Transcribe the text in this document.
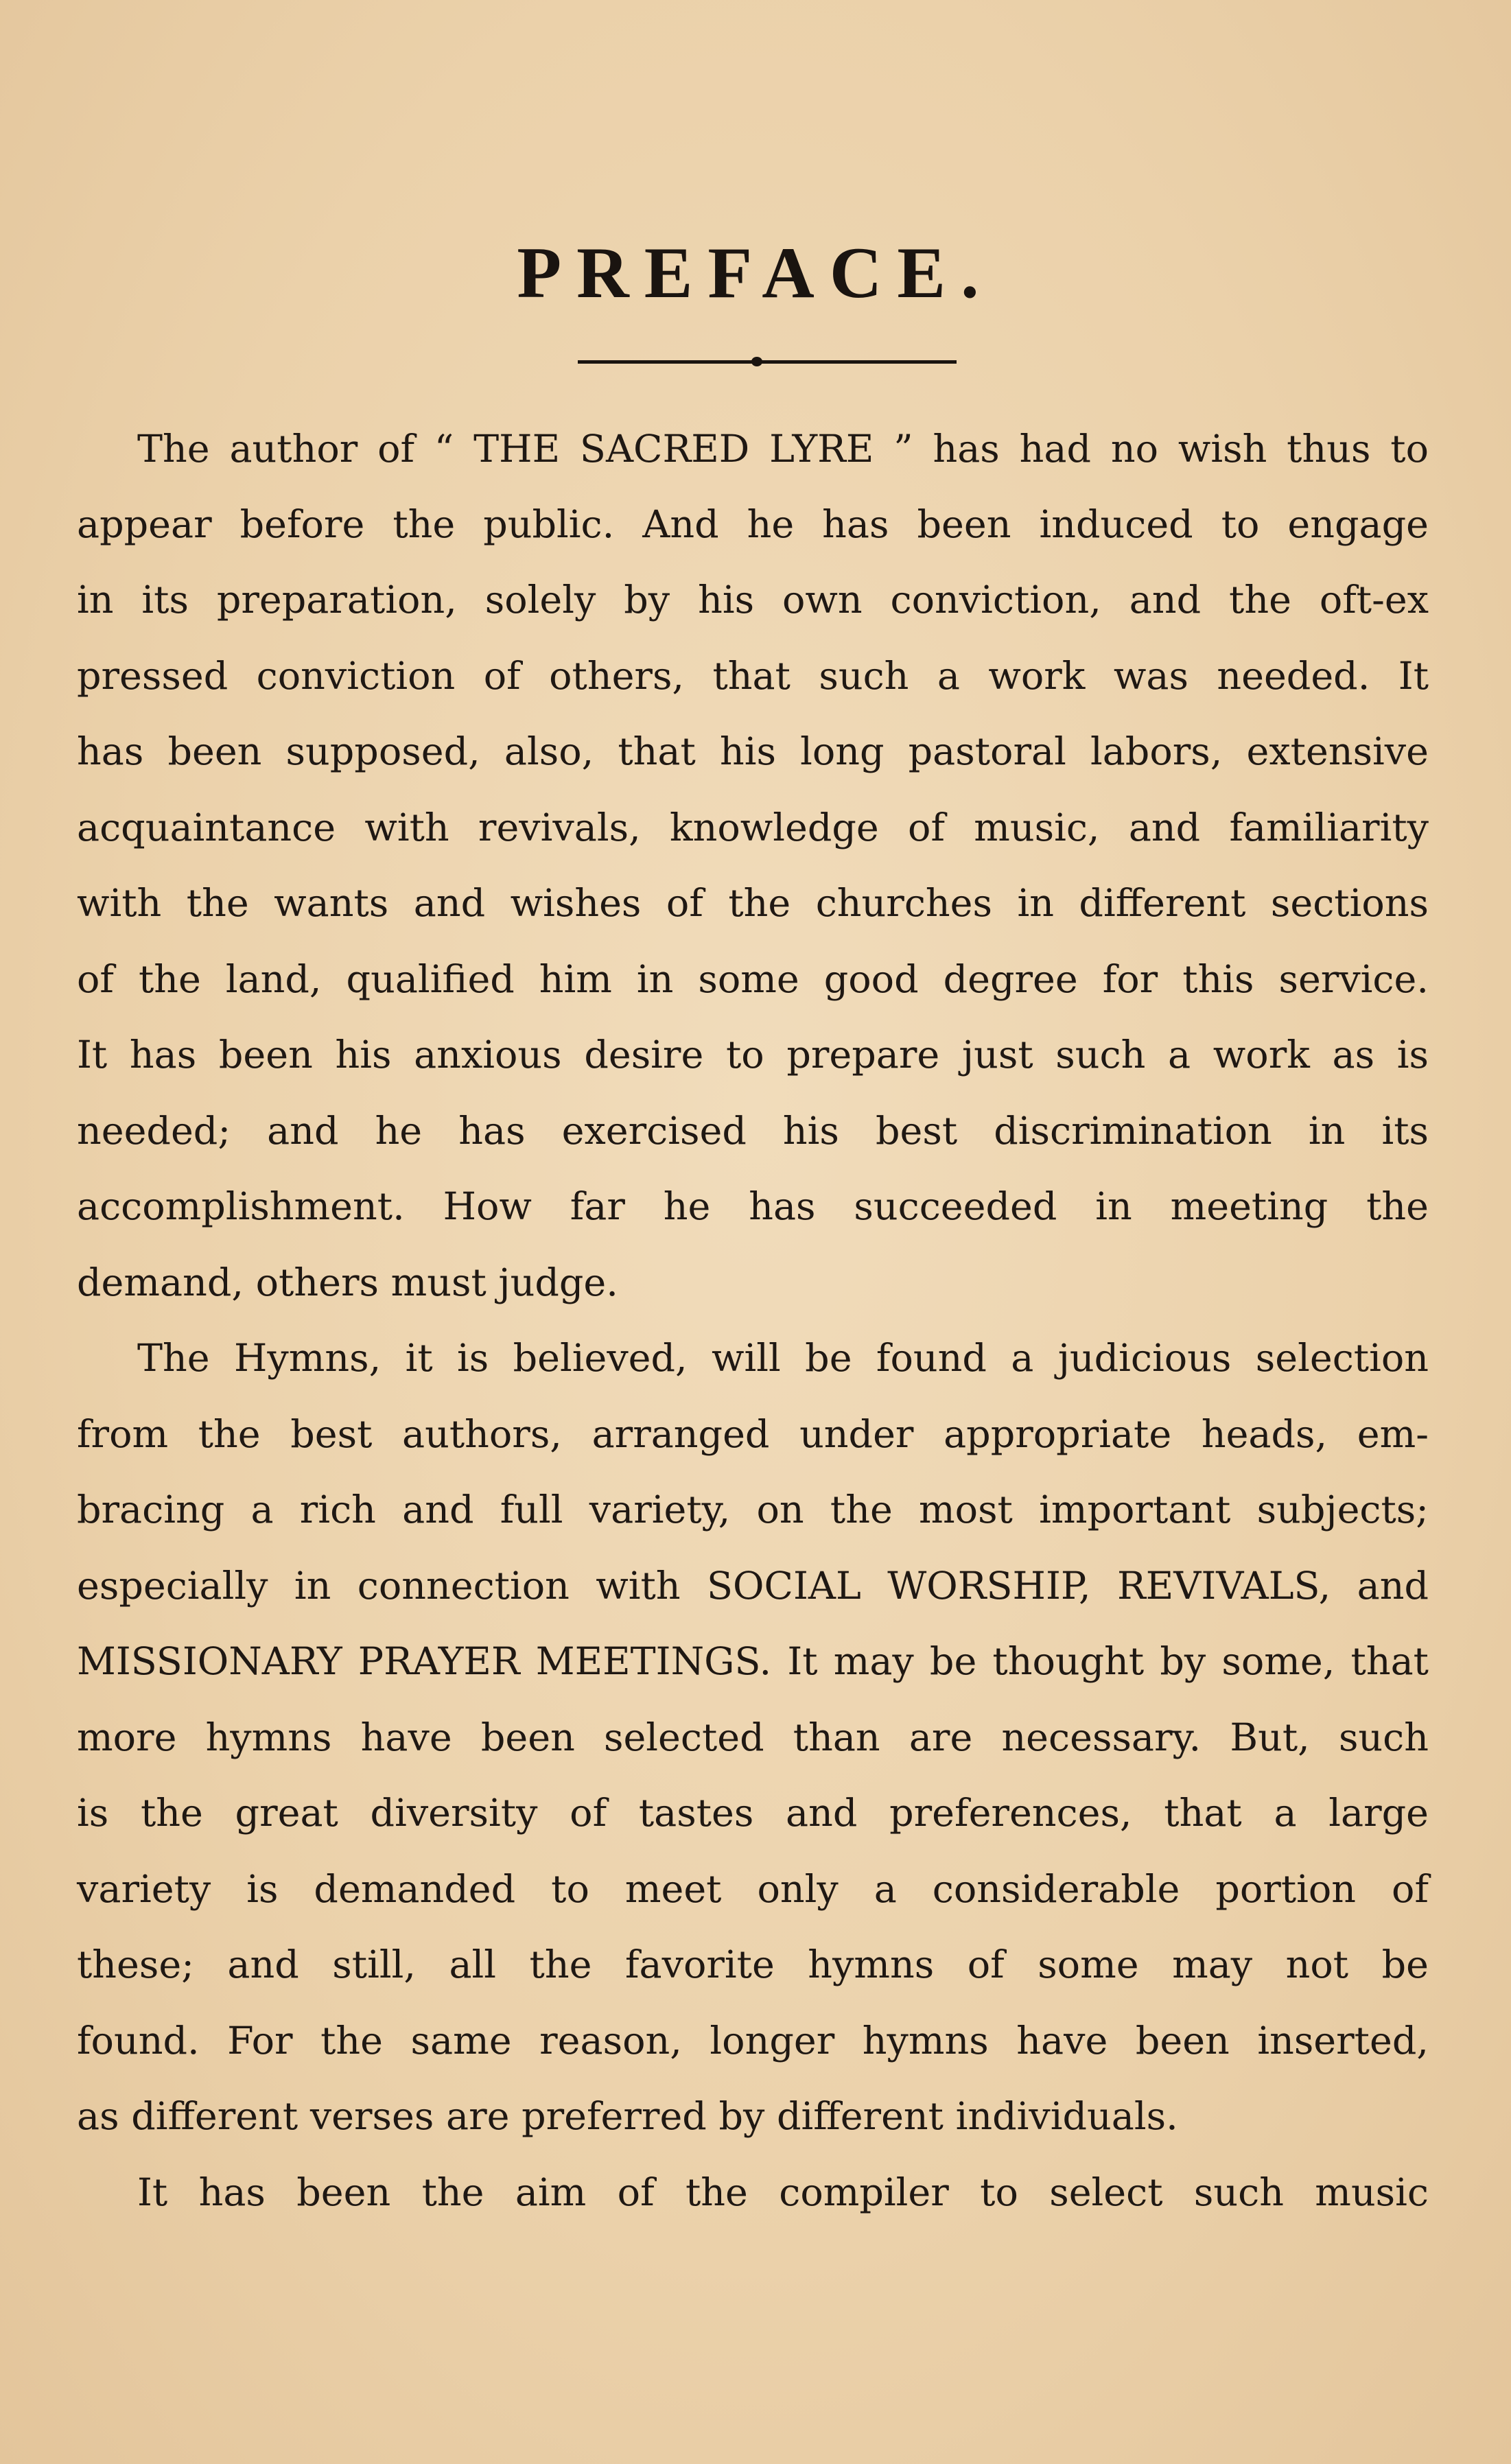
PREFACE.
The author of “ THE SACRED LYRE ” has had no wish thus to
appear before the public. And he has been induced to engage
in its preparation, solely by his own conviction, and the oft-ex
pressed conviction of others, that such a work was needed. It
has been supposed, also, that his long pastoral labors, extensive
acquaintance with revivals, knowledge of music, and familiarity
with the wants and wishes of the churches in different sections
of the land, qualified him in some good degree for this service.
It has been his anxious desire to prepare just such a work as is
needed; and he has exercised his best discrimination in its
accomplishment. How far he has succeeded in meeting the
demand, others must judge.
The Hymns, it is believed, will be found a judicious selection
from the best authors, arranged under appropriate heads, em-
bracing a rich and full variety, on the most important subjects;
especially in connection with SOCIAL WORSHIP, REVIVALS, and
MISSIONARY PRAYER MEETINGS. It may be thought by some, that
more hymns have been selected than are necessary. But, such
is the great diversity of tastes and preferences, that a large
variety is demanded to meet only a considerable portion of
these; and still, all the favorite hymns of some may not be
found. For the same reason, longer hymns have been inserted,
as different verses are preferred by different individuals.
It has been the aim of the compiler to select such music
